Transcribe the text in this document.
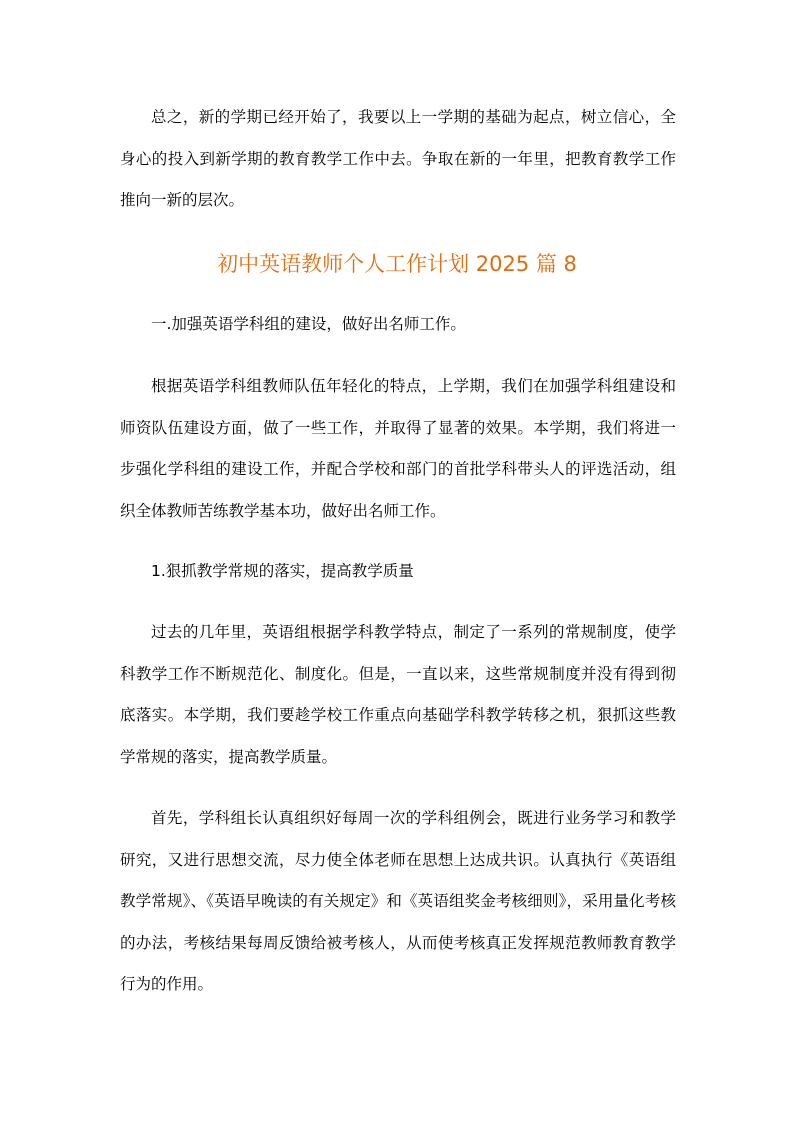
总之，新的学期已经开始了，我要以上一学期的基础为起点，树立信心，全身心的投入到新学期的教育教学工作中去。争取在新的一年里，把教育教学工作推向一新的层次。

初中英语教师个人工作计划 2025 篇 8

一.加强英语学科组的建设，做好出名师工作。

根据英语学科组教师队伍年轻化的特点，上学期，我们在加强学科组建设和师资队伍建设方面，做了一些工作，并取得了显著的效果。本学期，我们将进一步强化学科组的建设工作，并配合学校和部门的首批学科带头人的评选活动，组织全体教师苦练教学基本功，做好出名师工作。

1.狠抓教学常规的落实，提高教学质量

过去的几年里，英语组根据学科教学特点，制定了一系列的常规制度，使学科教学工作不断规范化、制度化。但是，一直以来，这些常规制度并没有得到彻底落实。本学期，我们要趁学校工作重点向基础学科教学转移之机，狠抓这些教学常规的落实，提高教学质量。

首先，学科组长认真组织好每周一次的学科组例会，既进行业务学习和教学研究，又进行思想交流，尽力使全体老师在思想上达成共识。认真执行《英语组教学常规》、《英语早晚读的有关规定》和《英语组奖金考核细则》，采用量化考核的办法，考核结果每周反馈给被考核人，从而使考核真正发挥规范教师教育教学行为的作用。
